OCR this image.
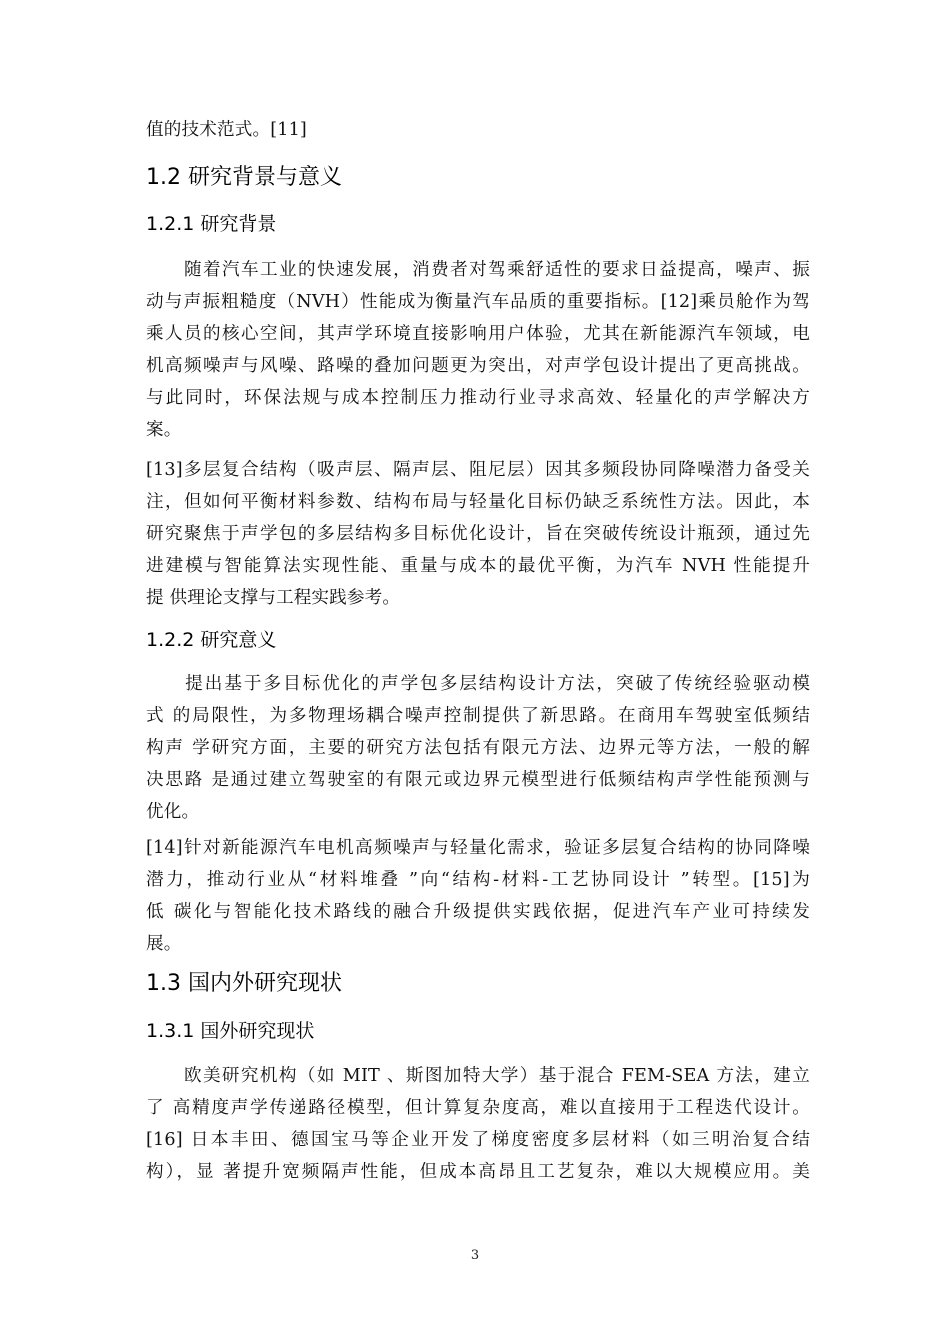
值的技术范式。[11]
1.2 研究背景与意义
1.2.1 研究背景
　　随着汽车工业的快速发展，消费者对驾乘舒适性的要求日益提高，噪声、振
动与声振粗糙度（NVH）性能成为衡量汽车品质的重要指标。[12]乘员舱作为驾
乘人员的核心空间，其声学环境直接影响用户体验，尤其在新能源汽车领域，电
机高频噪声与风噪、路噪的叠加问题更为突出，对声学包设计提出了更高挑战。
与此同时，环保法规与成本控制压力推动行业寻求高效、轻量化的声学解决方
案。
[13]多层复合结构（吸声层、隔声层、阻尼层）因其多频段协同降噪潜力备受关
注，但如何平衡材料参数、结构布局与轻量化目标仍缺乏系统性方法。因此，本
研究聚焦于声学包的多层结构多目标优化设计，旨在突破传统设计瓶颈，通过先
进建模与智能算法实现性能、重量与成本的最优平衡，为汽车 NVH 性能提升
提 供理论支撑与工程实践参考。
1.2.2 研究意义
　　提出基于多目标优化的声学包多层结构设计方法，突破了传统经验驱动模
式 的局限性，为多物理场耦合噪声控制提供了新思路。在商用车驾驶室低频结
构声 学研究方面，主要的研究方法包括有限元方法、边界元等方法，一般的解
决思路 是通过建立驾驶室的有限元或边界元模型进行低频结构声学性能预测与
优化。
[14]针对新能源汽车电机高频噪声与轻量化需求，验证多层复合结构的协同降噪
潜力，推动行业从“材料堆叠 ”向“结构-材料-工艺协同设计 ”转型。[15]为
低 碳化与智能化技术路线的融合升级提供实践依据，促进汽车产业可持续发
展。
1.3 国内外研究现状
1.3.1 国外研究现状
　　欧美研究机构（如 MIT 、斯图加特大学）基于混合 FEM-SEA 方法，建立
了 高精度声学传递路径模型，但计算复杂度高，难以直接用于工程迭代设计。
[16] 日本丰田、德国宝马等企业开发了梯度密度多层材料（如三明治复合结
构），显 著提升宽频隔声性能，但成本高昂且工艺复杂，难以大规模应用。美
3
